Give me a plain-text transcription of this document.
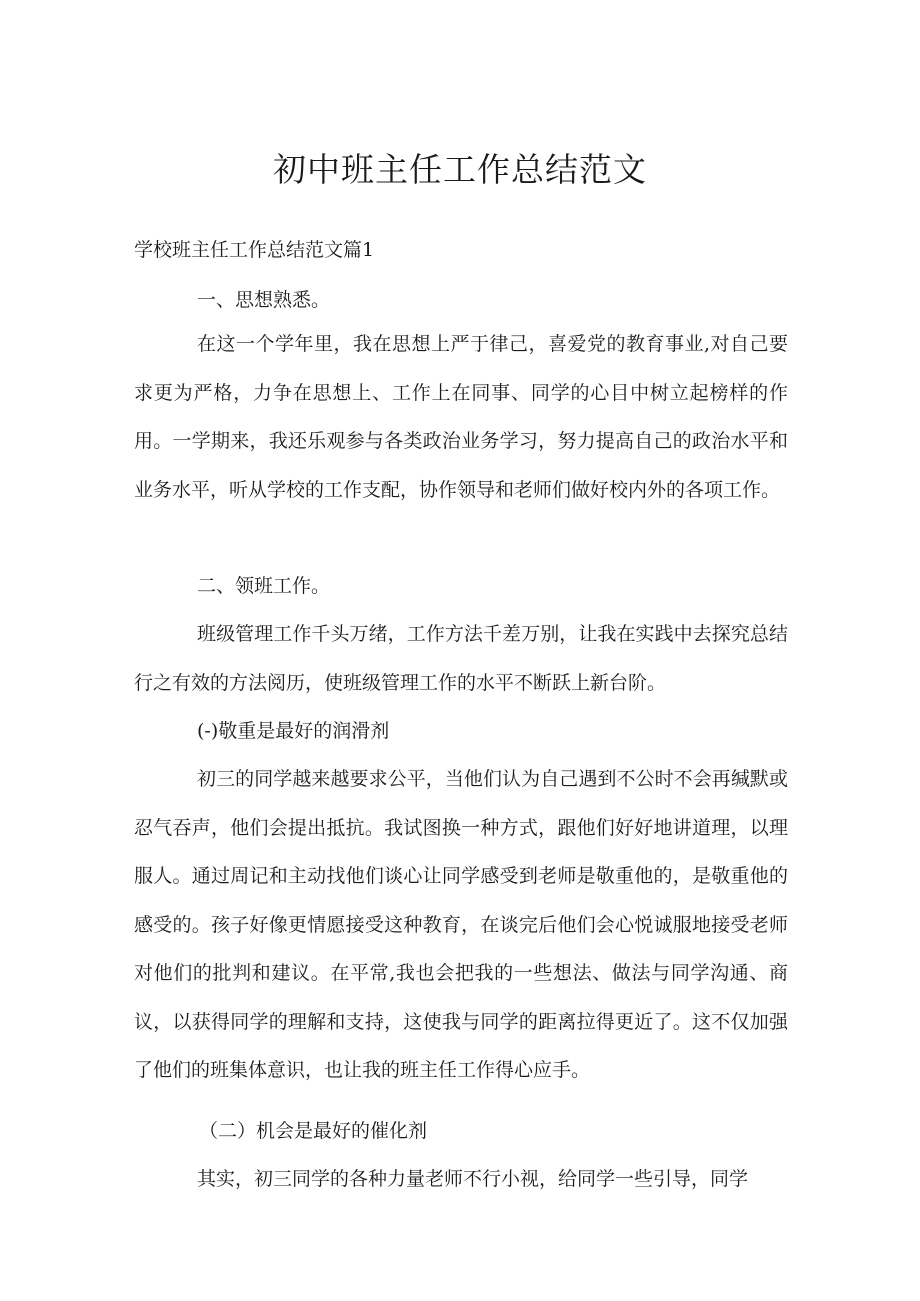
初中班主任工作总结范文

学校班主任工作总结范文篇1

一、思想熟悉。

在这一个学年里，我在思想上严于律己，喜爱党的教育事业,对自己要求更为严格，力争在思想上、工作上在同事、同学的心目中树立起榜样的作用。一学期来，我还乐观参与各类政治业务学习，努力提高自己的政治水平和业务水平，听从学校的工作支配，协作领导和老师们做好校内外的各项工作。

二、领班工作。

班级管理工作千头万绪，工作方法千差万别，让我在实践中去探究总结行之有效的方法阅历，使班级管理工作的水平不断跃上新台阶。

(-)敬重是最好的润滑剂

初三的同学越来越要求公平，当他们认为自己遇到不公时不会再缄默或忍气吞声，他们会提出抵抗。我试图换一种方式，跟他们好好地讲道理，以理服人。通过周记和主动找他们谈心让同学感受到老师是敬重他的，是敬重他的感受的。孩子好像更情愿接受这种教育，在谈完后他们会心悦诚服地接受老师对他们的批判和建议。在平常,我也会把我的一些想法、做法与同学沟通、商议，以获得同学的理解和支持，这使我与同学的距离拉得更近了。这不仅加强了他们的班集体意识，也让我的班主任工作得心应手。

（二）机会是最好的催化剂

其实，初三同学的各种力量老师不行小视，给同学一些引导，同学
